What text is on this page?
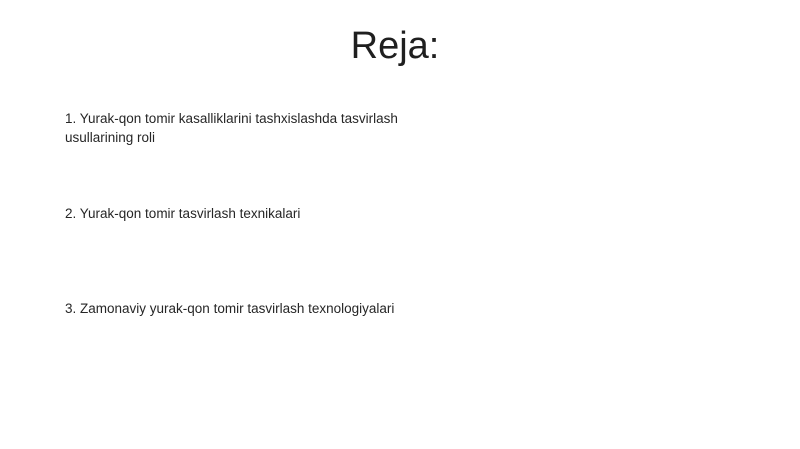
Reja:
1. Yurak-qon tomir kasalliklarini tashxislashda tasvirlash usullarining roli
2. Yurak-qon tomir tasvirlash texnikalari
3. Zamonaviy yurak-qon tomir tasvirlash texnologiyalari
